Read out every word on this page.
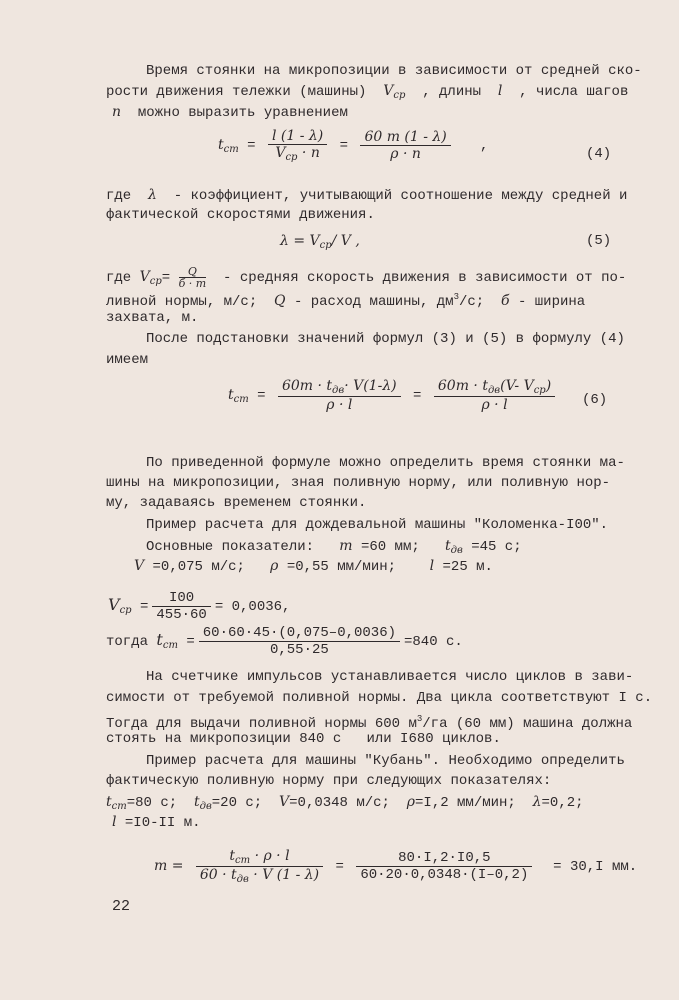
Время стоянки на микропозиции в зависимости от средней ско-
рости движения тележки (машины) $V_{ср}$ , длины l , числа шагов
n можно выразить уравнением
$t_{ст} = \frac{l (1 - \lambda)}{V_{ср} \cdot n} = \frac{60 m (1 - \lambda)}{\rho \cdot n}$ ,	(4)
где λ - коэффициент, учитывающий соотношение между средней и
фактической скоростями движения.
$\lambda = V_{ср}/$ V ,	(5)
где $V_{ср}= \frac{Q}{б \cdot m}$ - средняя скорость движения в зависимости от по-
ливной нормы, м/с; Q - расход машины, $дм^3/с$; б - ширина
захвата, м.
После подстановки значений формул (3) и (5) в формулу (4)
имеем
$t_{ст} = \frac{60m \cdot t_{дв}\cdot V(1-\lambda)}{\rho \cdot l} = \frac{60m \cdot t_{дв}(V- V_{ср})}{\rho \cdot l} (6)$
По приведенной формуле можно определить время стоянки ма-
шины на микропозиции, зная поливную норму, или поливную нор-
му, задаваясь временем стоянки.
Пример расчета для дождевальной машины "Коломенка-I00".
Основные показатели: m =60 мм; $t_{дв} =45$ с;
V =0,075 м/с; ρ =0,55 мм/мин; l =25 м.
$V_{ср} = \frac{I00}{455\cdot 60} = 0,0036$,
тогда $t_{ст} = \frac{60\cdot 60\cdot 45\cdot(0,075-0,0036)}{0,55\cdot 25} =840$ с.
На счетчике импульсов устанавливается число циклов в зави-
симости от требуемой поливной нормы. Два цикла соответствуют I с.
Тогда для выдачи поливной нормы 600 $м^3/га$ (60 мм) машина должна
стоять на микропозиции 840 с   или I680 циклов.
Пример расчета для машины "Кубань". Необходимо определить
фактическую поливную норму при следующих показателях:
$t_{ст}=80$ с; $t_{дв}=20$ с; V=0,0348 м/с; ρ=I,2 мм/мин; λ=0,2;
l =I0-II м.
$m = \frac{t_{ст} \cdot \rho \cdot l}{60 \cdot t_{дв} \cdot V (1 - \lambda)} = \frac{80\cdot I,2\cdot I0,5}{60\cdot 20\cdot 0,0348\cdot(I-0,2)} = 30,I$ мм.
22
